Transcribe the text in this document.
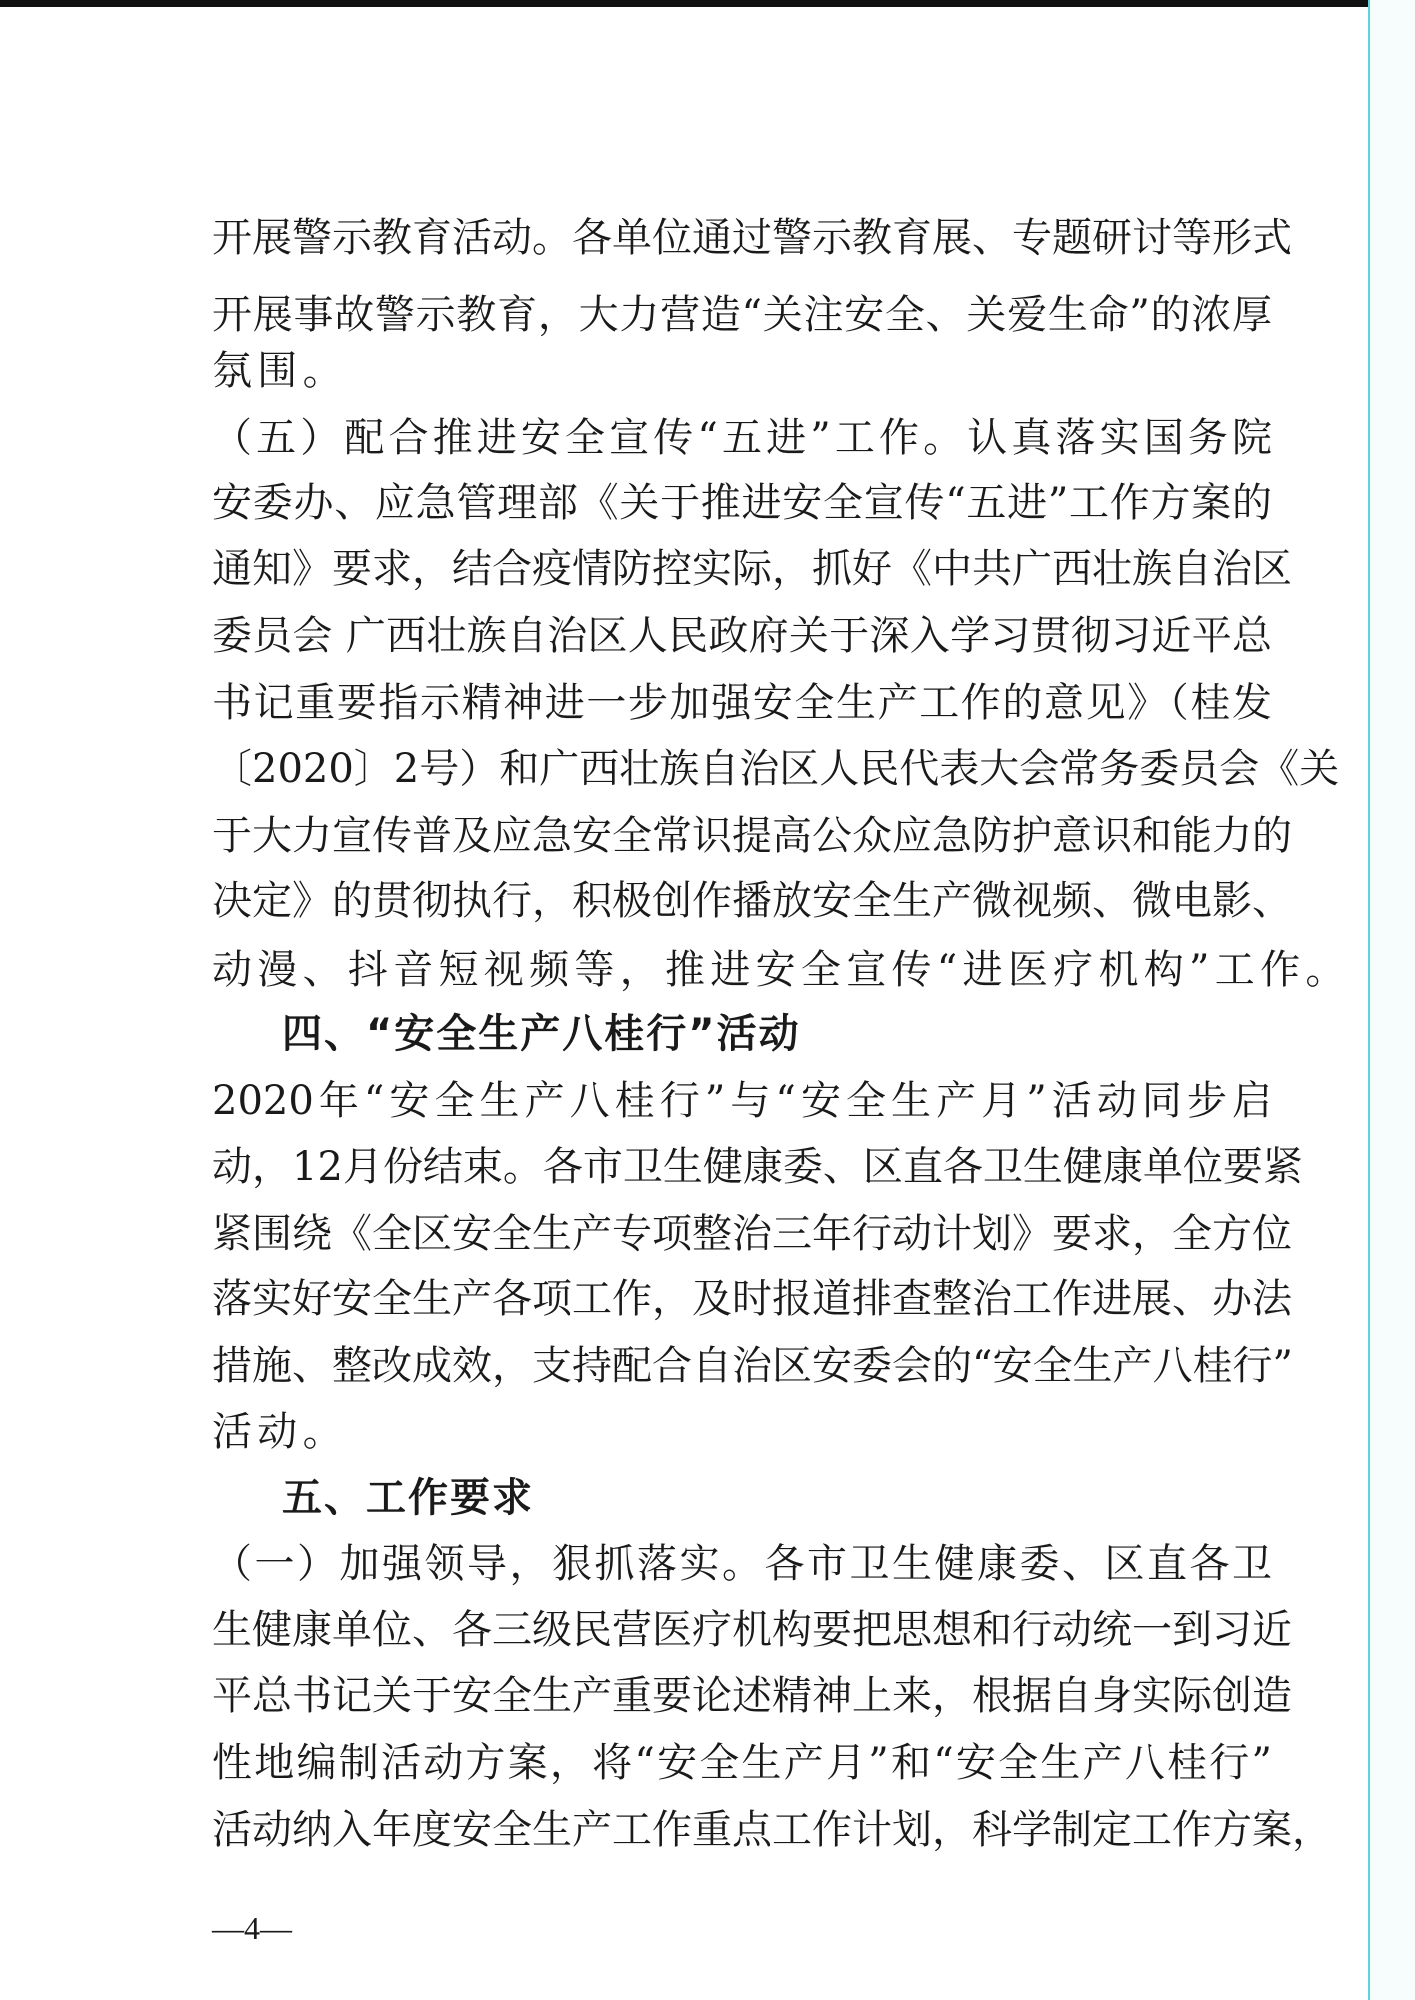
开展警示教育活动。各单位通过警示教育展、专题研讨等形式
开展事故警示教育，大力营造“关注安全、关爱生命”的浓厚
氛围。
（五）配合推进安全宣传“五进”工作。认真落实国务院
安委办、应急管理部《关于推进安全宣传“五进”工作方案的
通知》要求，结合疫情防控实际，抓好《中共广西壮族自治区
委员会 广西壮族自治区人民政府关于深入学习贯彻习近平总
书记重要指示精神进一步加强安全生产工作的意见》（桂发
〔2020〕2号）和广西壮族自治区人民代表大会常务委员会《关
于大力宣传普及应急安全常识提高公众应急防护意识和能力的
决定》的贯彻执行，积极创作播放安全生产微视频、微电影、
动漫、抖音短视频等，推进安全宣传“进医疗机构”工作。
四、“安全生产八桂行”活动
2020年“安全生产八桂行”与“安全生产月”活动同步启
动，12月份结束。各市卫生健康委、区直各卫生健康单位要紧
紧围绕《全区安全生产专项整治三年行动计划》要求，全方位
落实好安全生产各项工作，及时报道排查整治工作进展、办法
措施、整改成效，支持配合自治区安委会的“安全生产八桂行”
活动。
五、工作要求
（一）加强领导，狠抓落实。各市卫生健康委、区直各卫
生健康单位、各三级民营医疗机构要把思想和行动统一到习近
平总书记关于安全生产重要论述精神上来，根据自身实际创造
性地编制活动方案，将“安全生产月”和“安全生产八桂行”
活动纳入年度安全生产工作重点工作计划，科学制定工作方案，
—4—
